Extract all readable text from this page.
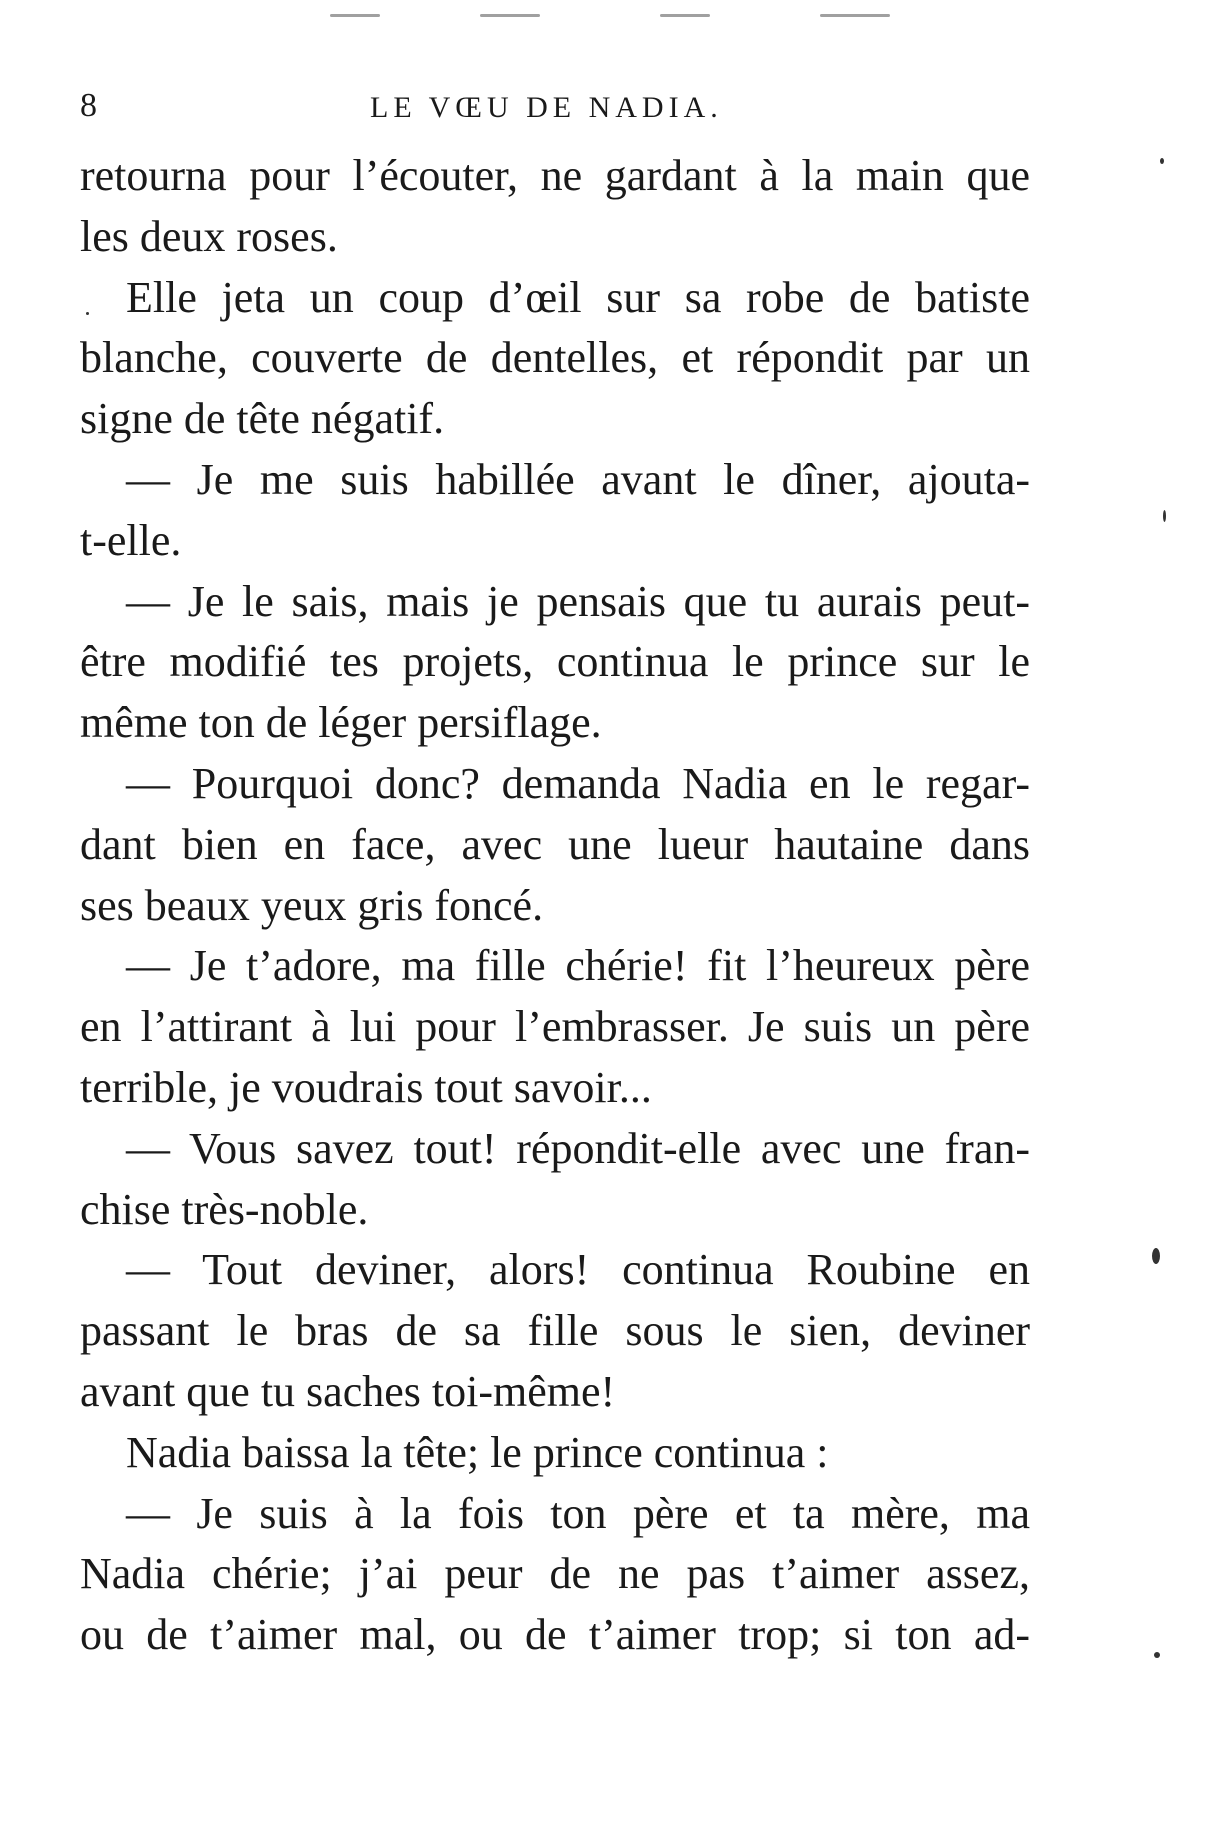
8	LE VŒU DE NADIA.
retourna pour l’écouter, ne gardant à la main que
les deux roses.
Elle jeta un coup d’œil sur sa robe de batiste
blanche, couverte de dentelles, et répondit par un
signe de tête négatif.
— Je me suis habillée avant le dîner, ajouta-
t-elle.
— Je le sais, mais je pensais que tu aurais peut-
être modifié tes projets, continua le prince sur le
même ton de léger persiflage.
— Pourquoi donc? demanda Nadia en le regar-
dant bien en face, avec une lueur hautaine dans
ses beaux yeux gris foncé.
— Je t’adore, ma fille chérie! fit l’heureux père
en l’attirant à lui pour l’embrasser. Je suis un père
terrible, je voudrais tout savoir...
— Vous savez tout! répondit-elle avec une fran-
chise très-noble.
— Tout deviner, alors! continua Roubine en
passant le bras de sa fille sous le sien, deviner
avant que tu saches toi-même!
Nadia baissa la tête; le prince continua :
— Je suis à la fois ton père et ta mère, ma
Nadia chérie; j’ai peur de ne pas t’aimer assez,
ou de t’aimer mal, ou de t’aimer trop; si ton ad-
